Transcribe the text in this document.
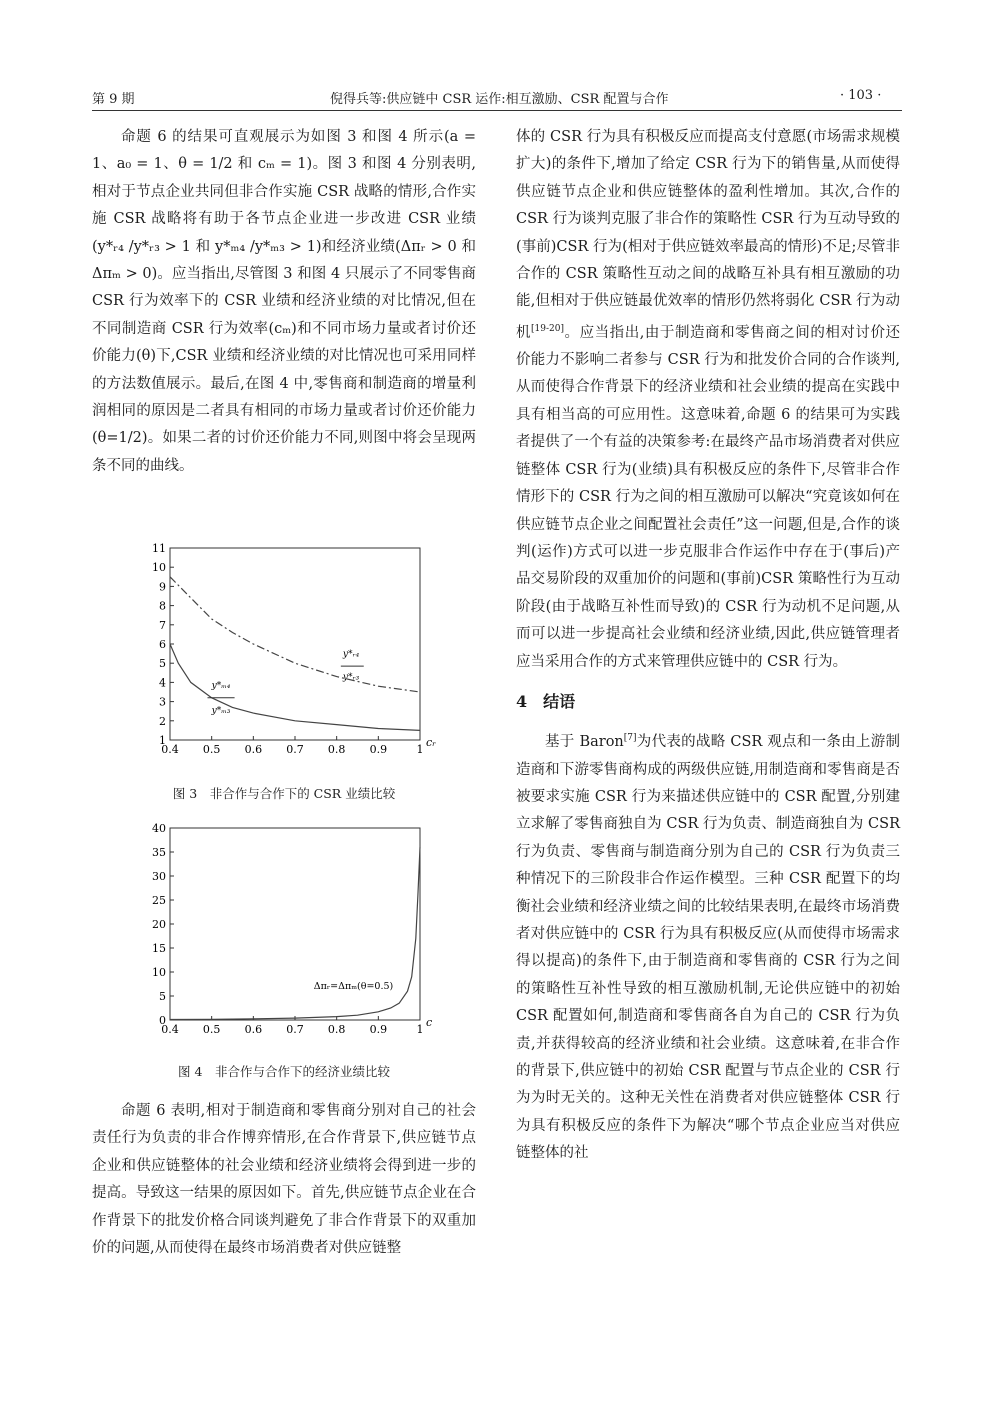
第 9 期	倪得兵等:供应链中 CSR 运作:相互激励、CSR 配置与合作	· 103 ·

命题 6 的结果可直观展示为如图 3 和图 4 所示(a = 1、a₀ = 1、θ = 1/2 和 cₘ = 1)。图 3 和图 4 分别表明,相对于节点企业共同但非合作实施 CSR 战略的情形,合作实施 CSR 战略将有助于各节点企业进一步改进 CSR 业绩(y*ᵣ₄ /y*ᵣ₃ > 1 和 y*ₘ₄ /y*ₘ₃ > 1)和经济业绩(Δπᵣ > 0 和 Δπₘ > 0)。应当指出,尽管图 3 和图 4 只展示了不同零售商 CSR 行为效率下的 CSR 业绩和经济业绩的对比情况,但在不同制造商 CSR 行为效率(cₘ)和不同市场力量或者讨价还价能力(θ)下,CSR 业绩和经济业绩的对比情况也可采用同样的方法数值展示。最后,在图 4 中,零售商和制造商的增量利润相同的原因是二者具有相同的市场力量或者讨价还价能力(θ=1/2)。如果二者的讨价还价能力不同,则图中将会呈现两条不同的曲线。

1
2
3
4
5
6
7
8
9
10
11
0.4 0.5 0.6 0.7 0.8 0.9	1
cᵣ
y*ᵣ₄
y*ᵣ₃
y*ₘ₄
y*ₘ₃
图 3　非合作与合作下的 CSR 业绩比较
0
5
10
15
20
25
30
35
40
0.4 0.5 0.6 0.7 0.8 0.9	1
c
Δπᵣ=Δπₘ(θ=0.5)
图 4　非合作与合作下的经济业绩比较

命题 6 表明,相对于制造商和零售商分别对自己的社会责任行为负责的非合作博弈情形,在合作背景下,供应链节点企业和供应链整体的社会业绩和经济业绩将会得到进一步的提高。导致这一结果的原因如下。首先,供应链节点企业在合作背景下的批发价格合同谈判避免了非合作背景下的双重加价的问题,从而使得在最终市场消费者对供应链整

体的 CSR 行为具有积极反应而提高支付意愿(市场需求规模扩大)的条件下,增加了给定 CSR 行为下的销售量,从而使得供应链节点企业和供应链整体的盈利性增加。其次,合作的 CSR 行为谈判克服了非合作的策略性 CSR 行为互动导致的(事前)CSR 行为(相对于供应链效率最高的情形)不足;尽管非合作的 CSR 策略性互动之间的战略互补具有相互激励的功能,但相对于供应链最优效率的情形仍然将弱化 CSR 行为动机[19-20]。应当指出,由于制造商和零售商之间的相对讨价还价能力不影响二者参与 CSR 行为和批发价合同的合作谈判,从而使得合作背景下的经济业绩和社会业绩的提高在实践中具有相当高的可应用性。这意味着,命题 6 的结果可为实践者提供了一个有益的决策参考:在最终产品市场消费者对供应链整体 CSR 行为(业绩)具有积极反应的条件下,尽管非合作情形下的 CSR 行为之间的相互激励可以解决“究竟该如何在供应链节点企业之间配置社会责任”这一问题,但是,合作的谈判(运作)方式可以进一步克服非合作运作中存在于(事后)产品交易阶段的双重加价的问题和(事前)CSR 策略性行为互动阶段(由于战略互补性而导致)的 CSR 行为动机不足问题,从而可以进一步提高社会业绩和经济业绩,因此,供应链管理者应当采用合作的方式来管理供应链中的 CSR 行为。

4　 结语

基于 Baron[7]为代表的战略 CSR 观点和一条由上游制造商和下游零售商构成的两级供应链,用制造商和零售商是否被要求实施 CSR 行为来描述供应链中的 CSR 配置,分别建立求解了零售商独自为 CSR 行为负责、制造商独自为 CSR 行为负责、零售商与制造商分别为自己的 CSR 行为负责三种情况下的三阶段非合作运作模型。三种 CSR 配置下的均衡社会业绩和经济业绩之间的比较结果表明,在最终市场消费者对供应链中的 CSR 行为具有积极反应(从而使得市场需求得以提高)的条件下,由于制造商和零售商的 CSR 行为之间的策略性互补性导致的相互激励机制,无论供应链中的初始 CSR 配置如何,制造商和零售商各自为自己的 CSR 行为负责,并获得较高的经济业绩和社会业绩。这意味着,在非合作的背景下,供应链中的初始 CSR 配置与节点企业的 CSR 行为为时无关的。这种无关性在消费者对供应链整体 CSR 行为具有积极反应的条件下为解决“哪个节点企业应当对供应链整体的社
